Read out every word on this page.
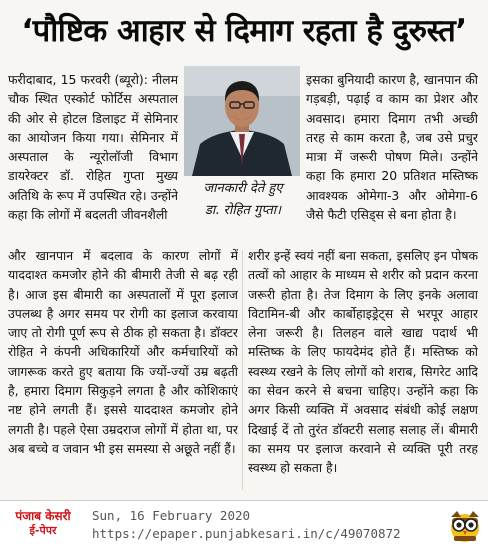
‘पौष्टिक आहार से दिमाग रहता है दुरुस्त’

फरीदाबाद, 15 फरवरी (ब्यूरो): नीलम चौक स्थित एस्कोर्ट फोर्टिस अस्पताल की ओर से होटल डिलाइट में सेमिनार का आयोजन किया गया। सेमिनार में अस्पताल के न्यूरोलॉजी विभाग डायरेक्टर डॉ. रोहित गुप्ता मुख्य अतिथि के रूप में उपस्थित रहे। उन्होंने कहा कि लोगों में बदलती जीवनशैली

जानकारी देते हुए
डा. रोहित गुप्ता।

इसका बुनियादी कारण है, खानपान की गड़बड़ी, पढ़ाई व काम का प्रेशर और अवसाद। हमारा दिमाग तभी अच्छी तरह से काम करता है, जब उसे प्रचुर मात्रा में जरूरी पोषण मिले। उन्होंने कहा कि हमारा 20 प्रतिशत मस्तिष्क आवश्यक ओमेगा-3 और ओमेगा-6 जैसे फैटी एसिड्स से बना होता है।

और खानपान में बदलाव के कारण लोगों में याददाश्त कमजोर होने की बीमारी तेजी से बढ़ रही है। आज इस बीमारी का अस्पतालों में पूरा इलाज उपलब्ध है अगर समय पर रोगी का इलाज करवाया जाए तो रोगी पूर्ण रूप से ठीक हो सकता है। डॉक्टर रोहित ने कंपनी अधिकारियों और कर्मचारियों को जागरूक करते हुए बताया कि ज्यों-ज्यों उम्र बढ़ती है, हमारा दिमाग सिकुड़ने लगता है और कोशिकाएं नष्ट होने लगती हैं। इससे याददाश्त कमजोर होने लगती है। पहले ऐसा उम्रदराज लोगों में होता था, पर अब बच्चे व जवान भी इस समस्या से अछूते नहीं हैं।

शरीर इन्हें स्वयं नहीं बना सकता, इसलिए इन पोषक तत्वों को आहार के माध्यम से शरीर को प्रदान करना जरूरी होता है। तेज दिमाग के लिए इनके अलावा विटामिन-बी और कार्बोहाइड्रेट्स से भरपूर आहार लेना जरूरी है। तिलहन वाले खाद्य पदार्थ भी मस्तिष्क के लिए फायदेमंद होते हैं। मस्तिष्क को स्वस्थ्य रखने के लिए लोगों को शराब, सिगरेट आदि का सेवन करने से बचना चाहिए। उन्होंने कहा कि अगर किसी व्यक्ति में अवसाद संबंधी कोई लक्षण दिखाई दें तो तुरंत डॉक्टरी सलाह सलाह लें। बीमारी का समय पर इलाज करवाने से व्यक्ति पूरी तरह स्वस्थ्य हो सकता है।

पंजाब केसरी
ई-पेपर
Sun, 16 February 2020
https://epaper.punjabkesari.in/c/49070872
